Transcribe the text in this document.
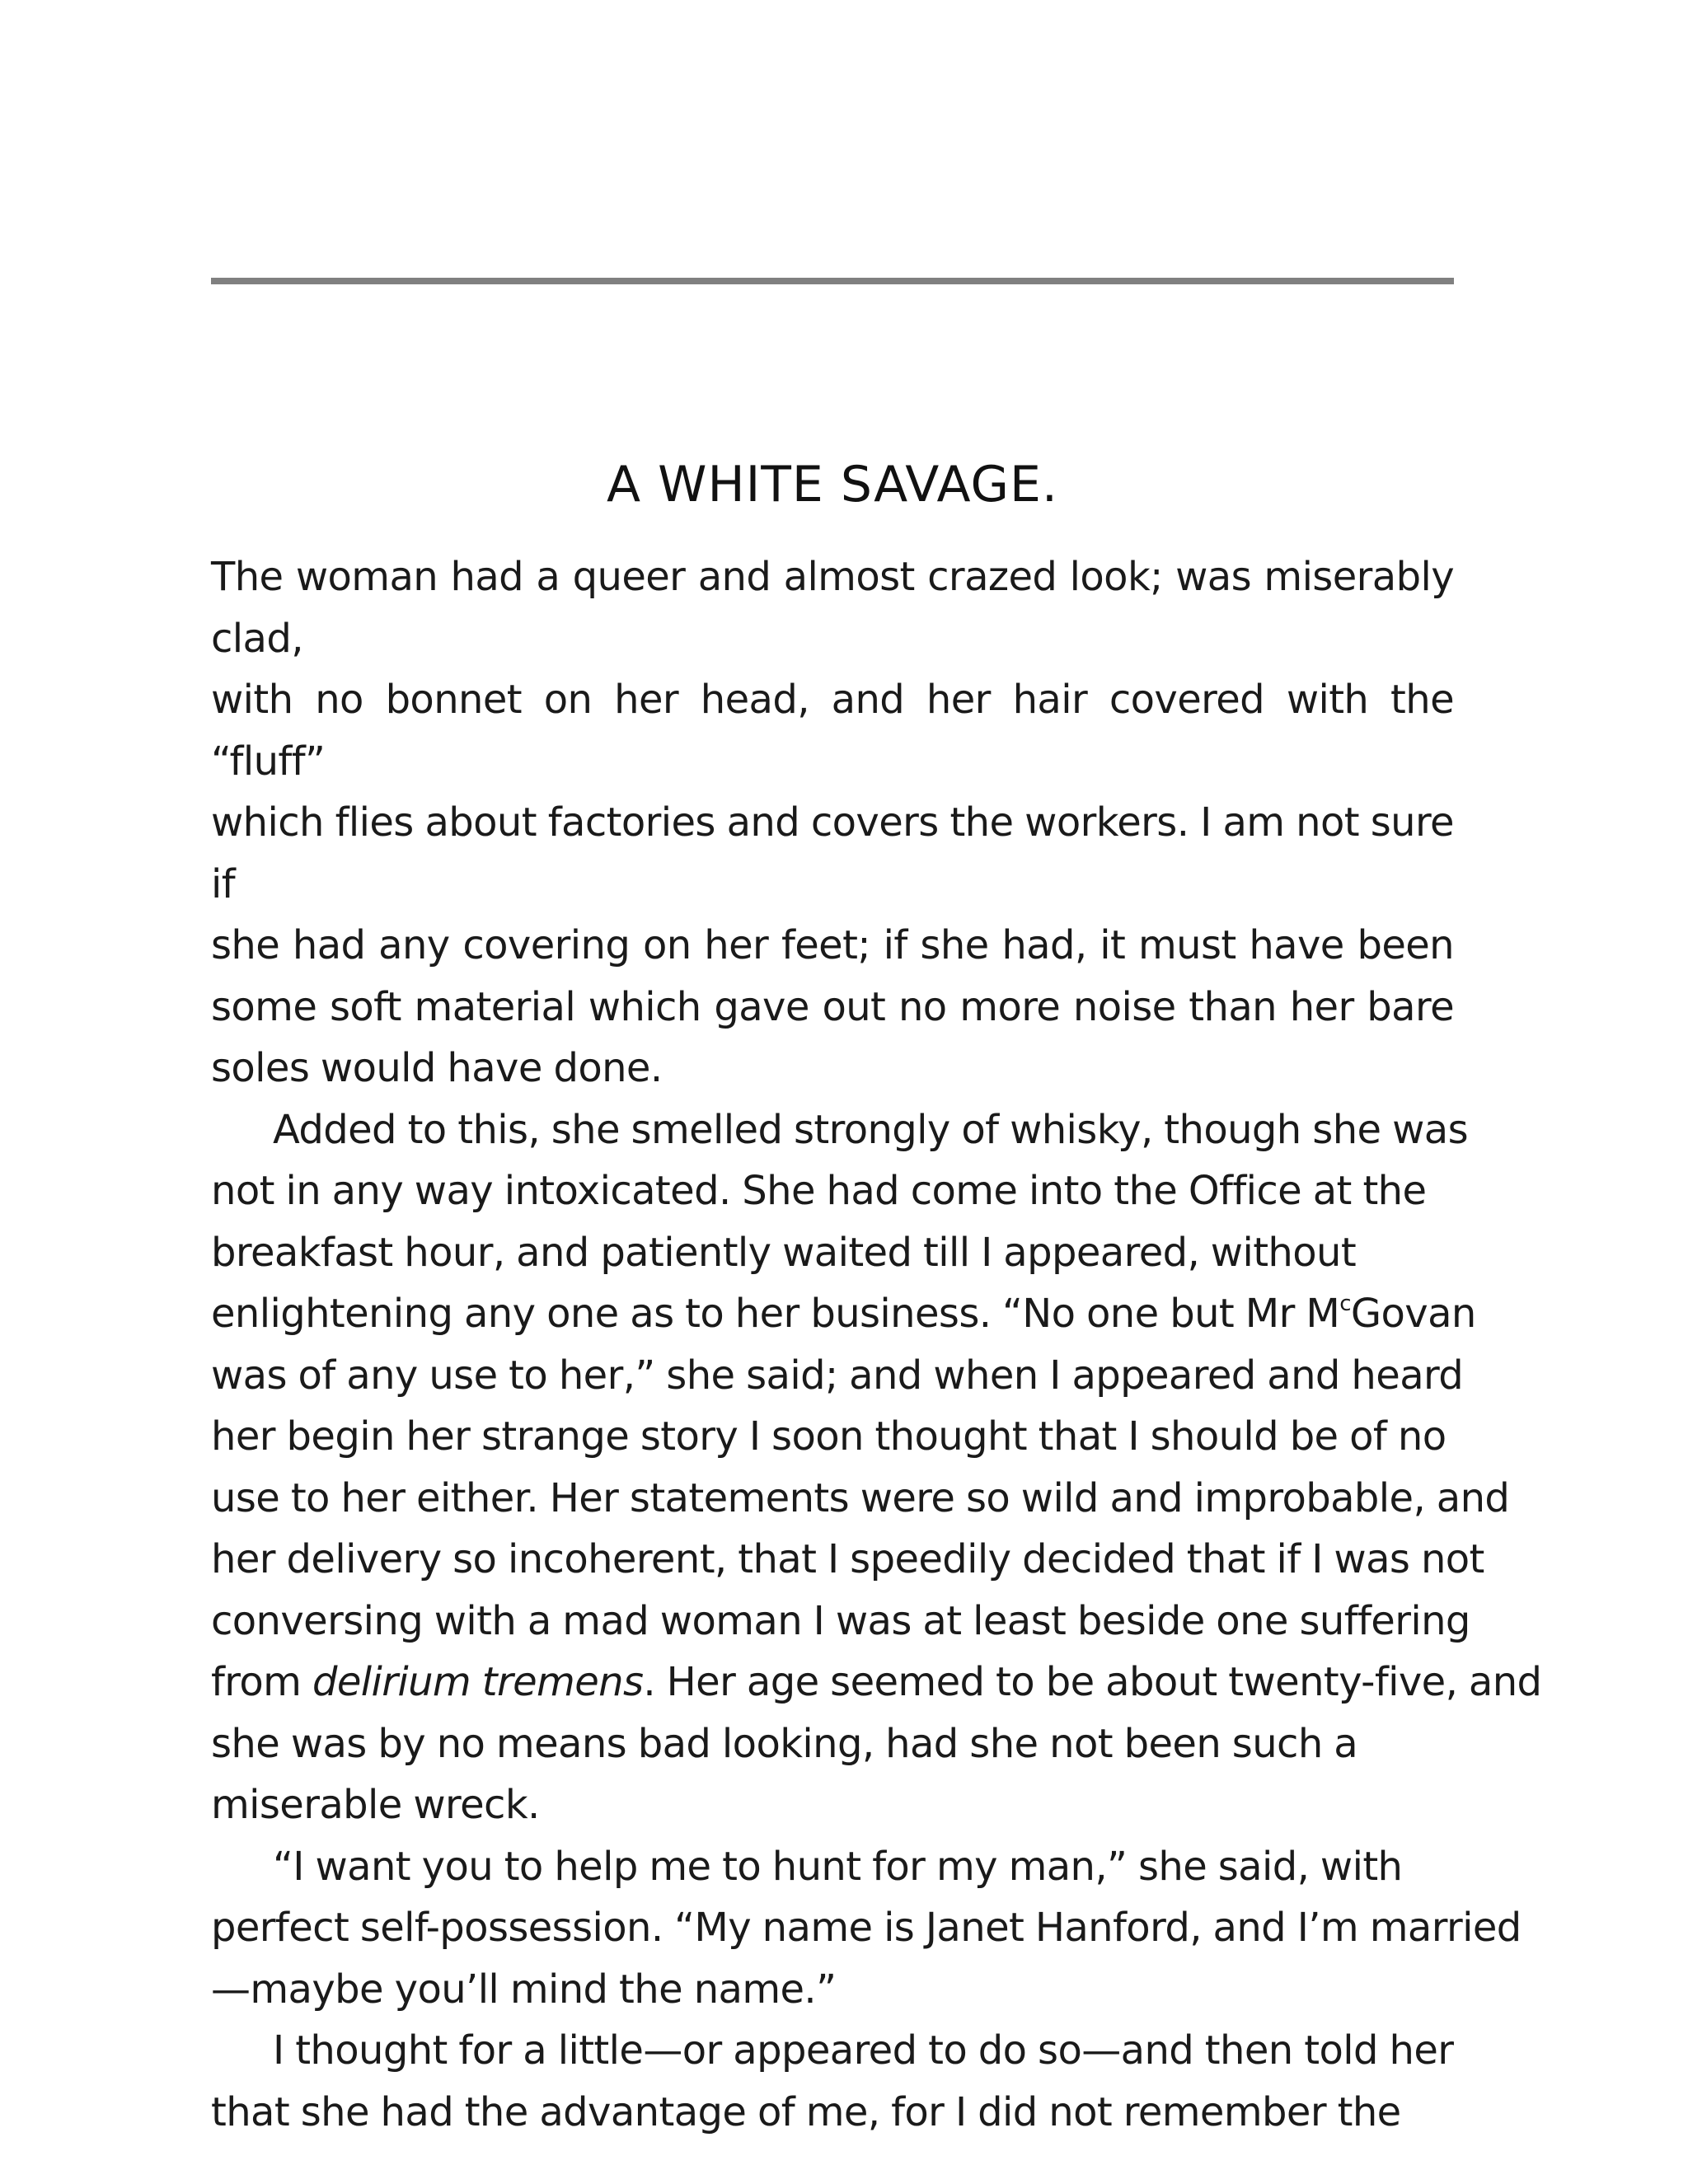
A WHITE SAVAGE.

The woman had a queer and almost crazed look; was miserably clad,
with no bonnet on her head, and her hair covered with the “fluff”
which flies about factories and covers the workers. I am not sure if
she had any covering on her feet; if she had, it must have been
some soft material which gave out no more noise than her bare
soles would have done.

Added to this, she smelled strongly of whisky, though she was
not in any way intoxicated. She had come into the Office at the
breakfast hour, and patiently waited till I appeared, without
enlightening any one as to her business. “No one but Mr $M^cGovan$
was of any use to her,” she said; and when I appeared and heard
her begin her strange story I soon thought that I should be of no
use to her either. Her statements were so wild and improbable, and
her delivery so incoherent, that I speedily decided that if I was not
conversing with a mad woman I was at least beside one suffering
from delirium tremens. Her age seemed to be about twenty-five, and
she was by no means bad looking, had she not been such a
miserable wreck.

“I want you to help me to hunt for my man,” she said, with
perfect self-possession. “My name is Janet Hanford, and I’m married
—maybe you’ll mind the name.”

I thought for a little—or appeared to do so—and then told her
that she had the advantage of me, for I did not remember the
